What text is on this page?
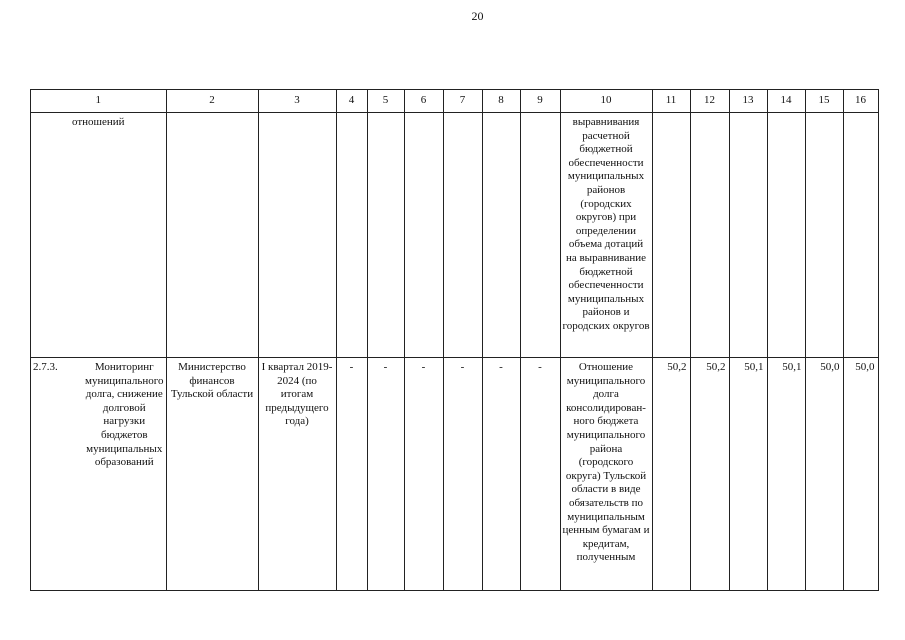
20
1	2	3	4	5	6	7	8	9	10	11	12	13	14	15	16
отношений									выравнивания расчетной бюджетной обеспеченности муниципальных районов (городских округов) при определении объема дотаций на выравнивание бюджетной обеспеченности муниципальных районов и городских округов						

2.7.3. Мониторинг муниципального долга, снижение долговой нагрузки бюджетов муниципальных образований	Министерство финансов Тульской области	I квартал 2019-2024 (по итогам предыдущего года)	-	-	-	-	-	-	Отношение муниципального долга консолидирован-ного бюджета муниципального района (городского округа) Тульской области в виде обязательств по муниципальным ценным бумагам и кредитам, полученным	50,2	50,2	50,1	50,1	50,0	50,0
